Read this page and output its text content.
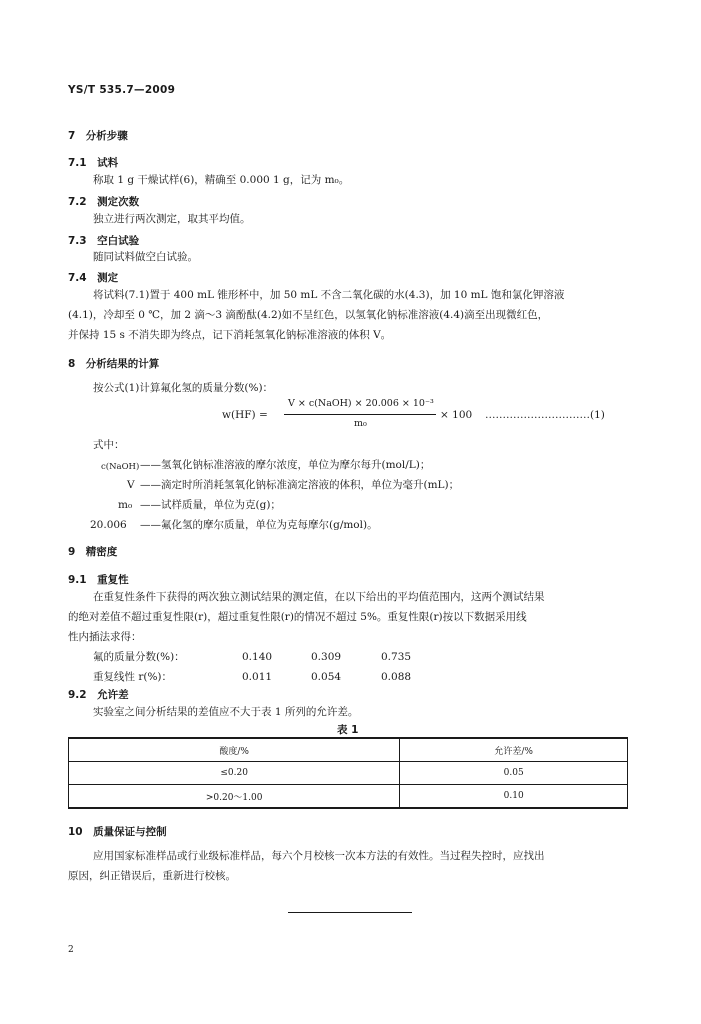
YS/T 535.7—2009
7　分析步骤
7.1　试料
称取 1 g 干燥试样(6)，精确至 0.000 1 g，记为 m₀。
7.2　测定次数
独立进行两次测定，取其平均值。
7.3　空白试验
随同试料做空白试验。
7.4　测定
将试料(7.1)置于 400 mL 锥形杯中，加 50 mL 不含二氧化碳的水(4.3)，加 10 mL 饱和氯化钾溶液
(4.1)，冷却至 0 ℃，加 2 滴～3 滴酚酞(4.2)如不呈红色，以氢氧化钠标准溶液(4.4)滴至出现微红色，
并保持 15 s 不消失即为终点，记下消耗氢氧化钠标准溶液的体积 V。
8　分析结果的计算
按公式(1)计算氟化氢的质量分数(%)：
w(HF) =
V × c(NaOH) × 20.006 × 10⁻³
m₀
× 100 …………………………(1)
式中：
c(NaOH) ——氢氧化钠标准溶液的摩尔浓度，单位为摩尔每升(mol/L)；
V ——滴定时所消耗氢氧化钠标准滴定溶液的体积，单位为毫升(mL)；
m₀ ——试样质量，单位为克(g)；
20.006 ——氟化氢的摩尔质量，单位为克每摩尔(g/mol)。
9　精密度
9.1　重复性
在重复性条件下获得的两次独立测试结果的测定值，在以下给出的平均值范围内，这两个测试结果
的绝对差值不超过重复性限(r)，超过重复性限(r)的情况不超过 5%。重复性限(r)按以下数据采用线
性内插法求得：
氟的质量分数(%)：	0.140	0.309	0.735
重复线性 r(%)：	0.011	0.054	0.088
9.2　允许差
实验室之间分析结果的差值应不大于表 1 所列的允许差。
表 1
酸度/%	允许差/%
≤0.20	0.05
>0.20～1.00	0.10
10　质量保证与控制
应用国家标准样品或行业级标准样品，每六个月校核一次本方法的有效性。当过程失控时，应找出
原因，纠正错误后，重新进行校核。
2
